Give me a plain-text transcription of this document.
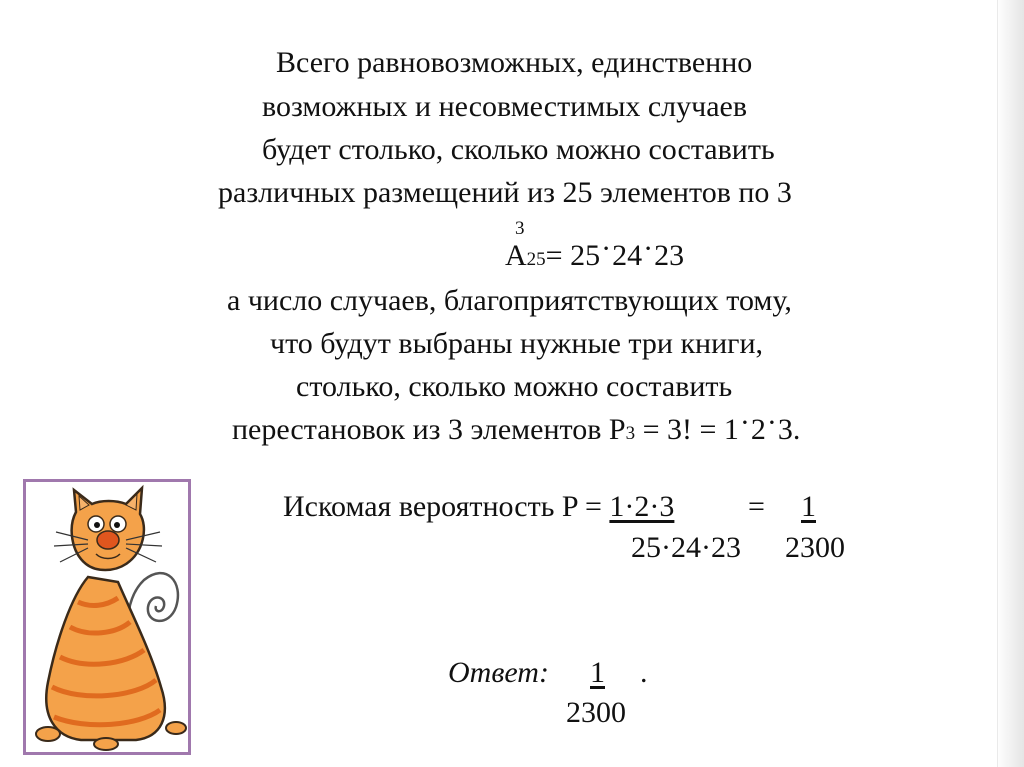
Всего равновозможных, единственно
возможных и несовместимых случаев
будет столько, сколько можно составить
различных размещений из 25 элементов по 3
3
A25= 25·24·23
а число случаев, благоприятствующих тому,
что будут выбраны нужные три книги,
столько, сколько можно составить
перестановок из 3 элементов P3 = 3! = 1·2·3.
Искомая вероятность P = 1·2·3 = 1
25·24·23 2300
Ответ: 1 .
2300
